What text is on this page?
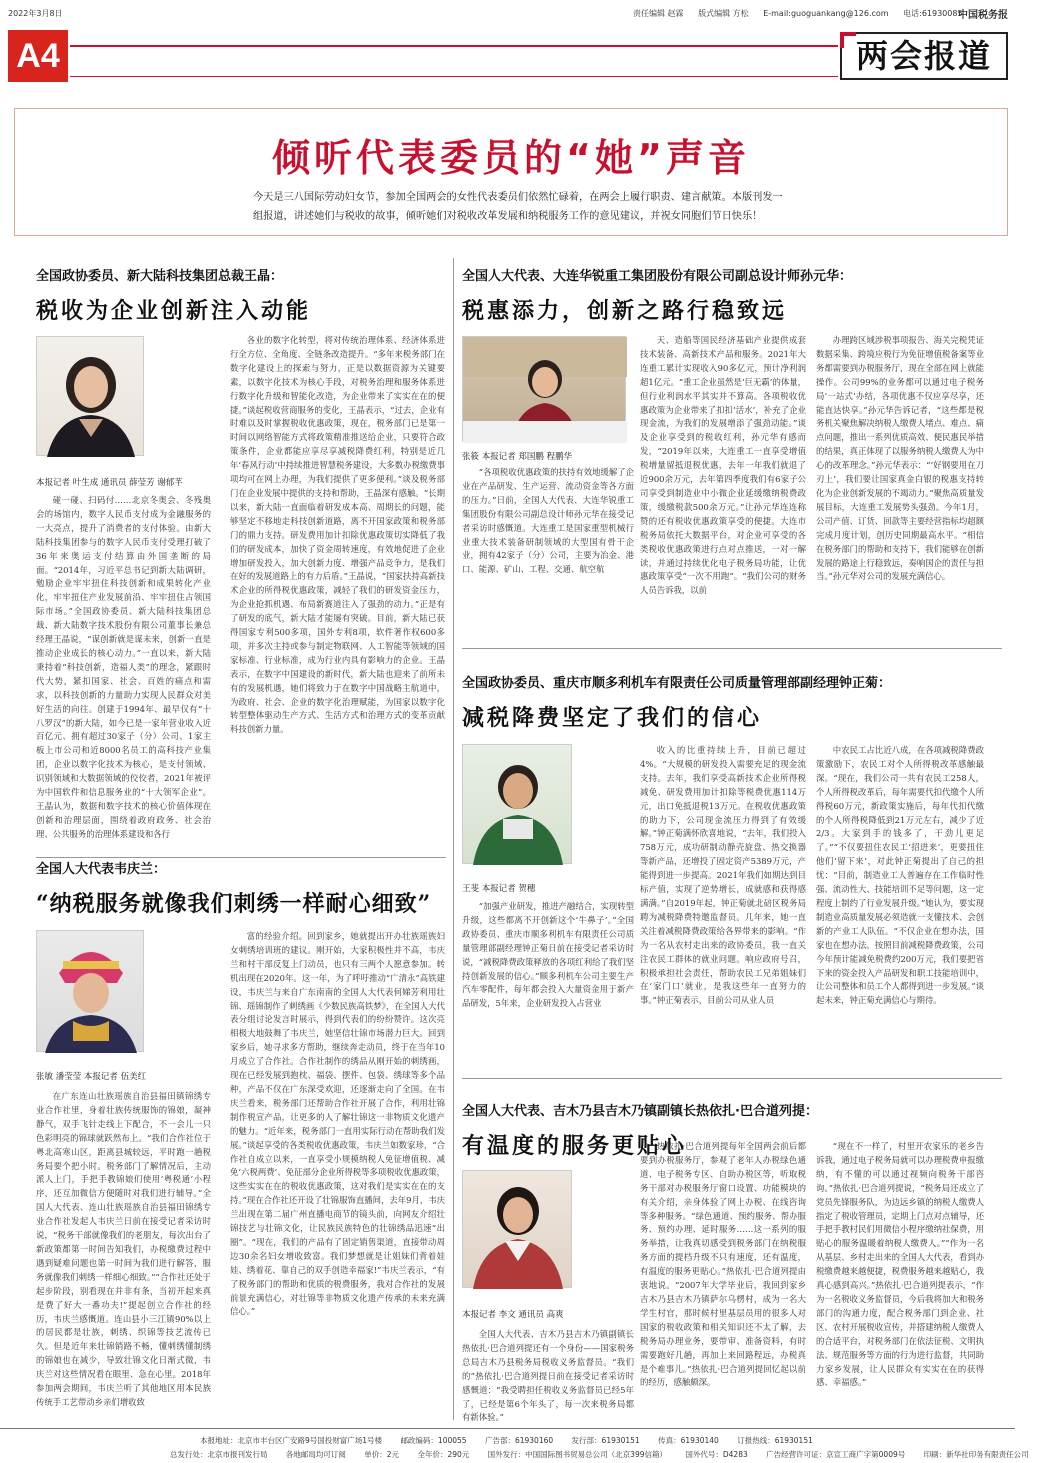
2022年3月8日	责任编辑 赵霖 版式编辑 方松 E-mail:guoguankang@126.com 电话:61930085
中国税务报
A4	两会报道
倾听代表委员的“她”声音
今天是三八国际劳动妇女节，参加全国两会的女性代表委员们依然忙碌着，在两会上履行职责、建言献策。本版刊发一组报道，讲述她们与税收的故事，倾听她们对税收改革发展和纳税服务工作的意见建议，并祝女同胞们节日快乐！
全国政协委员、新大陆科技集团总裁王晶：
税收为企业创新注入动能
本报记者 叶生成 通讯员 薛莹芳 谢郁芊

碰一碰、扫码付……北京冬奥会、冬残奥会的场馆内，数字人民币支付成为金融服务的一大亮点，提升了消费者的支付体验。由新大陆科技集团参与的数字人民币支付受理打破了36年来奥运支付结算由外国垄断的局面。“2014年，习近平总书记到新大陆调研，勉励企业牢牢扭住科技创新和成果转化产业化，牢牢扭住产业发展前沿、牢牢扭住占领国际市场。”全国政协委员、新大陆科技集团总裁、新大陆数字技术股份有限公司董事长兼总经理王晶说，“谋创新就是谋未来，创新一直是推动企业成长的核心动力。”一直以来，新大陆秉持着“科技创新，造福人类”的理念，紧跟时代大势，紧扣国家、社会、百姓的痛点和需求，以科技创新的力量助力实现人民群众对美好生活的向往。创建于1994年、最早仅有“十八罗汉”的新大陆，如今已是一家年营业收入近百亿元、拥有超过30家子（分）公司、1家主板上市公司和近8000名员工的高科技产业集团，企业以数字化技术为核心，是支付领域、识别领域和大数据领域的佼佼者，2021年被评为中国软件和信息服务业的“十大领军企业”。王晶认为，数据和数字技术的核心价值体现在创新和治理层面，围绕着政府政务、社会治理、公共服务的治理体系建设和各行

各业的数字化转型，将对传统治理体系、经济体系进行全方位、全角度、全链条改造提升。“多年来税务部门在数字化建设上的探索与努力，正是以数据资源为关键要素，以数字化技术为核心手段，对税务治理和服务体系进行数字化升级和智能化改造，为企业带来了实实在在的便捷。”谈起税收营商服务的变化，王晶表示，“过去，企业有时难以及时掌握税收优惠政策，现在，税务部门已是第一时间以网络智能方式将政策精准推送给企业，只要符合政策条件，企业都能应享尽享减税降费红利，特别是近几年‘春风行动’中持续推进智慧税务建设，大多数办税缴费事项均可在网上办理，为我们提供了更多便利。”谈及税务部门在企业发展中提供的支持和帮助，王晶深有感触。“长期以来，新大陆一直面临着研发成本高、周期长的问题，能够坚定不移地走科技创新道路，离不开国家政策和税务部门的鼎力支持。研发费用加计扣除优惠政策切实降低了我们的研发成本，加快了资金周转速度，有效地促进了企业增加研发投入，加大创新力度、增强产品竞争力，是我们在好的发展道路上的有力后盾。”王晶说，“国家扶持高新技术企业的所得税优惠政策，减轻了我们的研发资金压力，为企业抢抓机遇、布局新赛道注入了强劲的动力。”正是有了研发的底气，新大陆才能屡有突破。目前，新大陆已获得国家专利500多项，国外专利8项，软件著作权600多项，并多次主持或参与制定物联网、人工智能等领域的国家标准、行业标准，成为行业内具有影响力的企业。王晶表示，在数字中国建设的新时代，新大陆也迎来了前所未有的发展机遇，她们将致力于在数字中国战略主航道中，为政府、社会、企业的数字化治理赋能，为国家以数字化转型整体驱动生产方式、生活方式和治理方式的变革贡献科技创新力量。

全国人大代表韦庆兰：
“纳税服务就像我们刺绣一样耐心细致”
张敏 潘莹莹 本报记者 伍美红

在广东连山壮族瑶族自治县福田镇锦绣专业合作社里，身着壮族传统服饰的锦娘，凝神静气，双手飞针走线上下配合，不一会儿一只色彩明亮的锦球就跃然布上。“我们合作社位于粤北高寒山区，距离县城较远，平时跑一趟税务局要个把小时。税务部门了解情况后，主动派人上门，手把手教锦娘们使用‘粤税通’小程序，还互加微信方便随时对我们进行辅导。”全国人大代表、连山壮族瑶族自治县福田锦绣专业合作社发起人韦庆兰日前在接受记者采访时说，“税务干部就像我们的老朋友，每次出台了新政策都第一时间告知我们，办税缴费过程中遇到疑难问题也第一时间为我们进行解答，服务就像我们刺绣一样细心细致。”“合作社还处于起步阶段，别看现在并非有条，当初开起来真是费了好大一番功夫!”提起创立合作社的经历，韦庆兰感慨道。连山县小三江镇90%以上的居民都是壮族，刺绣、织锦等技艺流传已久。但是近年来壮锦销路不畅，懂刺绣懂制绣的锦娘也在减少，导致壮锦文化日渐式微，韦庆兰对这些情况看在眼里、急在心里。2018年参加两会期间，韦庆兰听了其他地区用本民族传统手工艺带动乡亲们增收致

富的经验介绍。回到家乡，她就提出开办壮族瑶族妇女刺绣培训班的建议。刚开始，大家积极性并不高，韦庆兰和村干部反复上门动员，也只有三两个人愿意参加。转机出现在2020年。这一年，为了呼吁推动“广清永”高铁建设，韦庆兰与来自广东南南的全国人大代表何娣芳利用壮锦、瑶锦制作了刺绣画《少数民族高铁梦》，在全国人大代表分组讨论发言时展示，得到代表们的纷纷赞许。这次亮相极大地鼓舞了韦庆兰，她坚信壮锦市场潜力巨大。回到家乡后，她寻求多方帮助，继续奔走动员，终于在当年10月成立了合作社。合作社制作的绣品从刚开始的刺绣画，现在已经发展到抱枕、福袋、摆件、包袋、绣球等多个品种，产品不仅在广东深受欢迎，还逐渐走向了全国。在韦庆兰看来，税务部门还帮助合作社开展了合作，利用壮锦制作税宣产品，让更多的人了解壮锦这一非物质文化遗产的魅力。“近年来，税务部门一直用实际行动在帮助我们发展。”谈起享受的各类税收优惠政策，韦庆兰如数家珍，“合作社自成立以来，一直享受小规模纳税人免征增值税、减免‘六税两费’、免征部分企业所得税等多项税收优惠政策，这些实实在在的税收优惠政策，这对我们是实实在在的支持。”现在合作社还开设了壮锦服饰直播间，去年9月，韦庆兰出现在第二届广州直播电商节的镜头前，向网友介绍壮锦技艺与壮锦文化，让民族民族特色的壮锦绣品迅速“出圈”。“现在，我们的产品有了固定销售渠道，直接带动周边30余名妇女增收致富。我们梦想就是让姐妹们背着娃娃、绣着花、靠自己的双手创造幸福家!”韦庆兰表示，“有了税务部门的帮助和优质的税费服务，我对合作社的发展前景充满信心，对壮锦等非物质文化遗产传承的未来充满信心。”

全国人大代表、大连华锐重工集团股份有限公司副总设计师孙元华：
税惠添力，创新之路行稳致远
张筱 本报记者 郑国鹏 程鹏华

“各项税收优惠政策的扶持有效地缓解了企业在产品研发、生产运营、流动资金等各方面的压力。”日前，全国人大代表、大连华锐重工集团股份有限公司副总设计师孙元华在接受记者采访时感慨道。大连重工是国家重型机械行业重大技术装备研制领域的大型国有骨干企业，拥有42家子（分）公司，主要为冶金、港口、能源、矿山、工程、交通、航空航

天、造船等国民经济基础产业提供成套技术装备、高新技术产品和服务。2021年大连重工累计实现收入90多亿元，预计净利润超1亿元。“重工企业虽然是‘巨无霸’的体量，但行业利润水平其实并不算高。各项税收优惠政策为企业带来了扣扣‘活水’，补充了企业现金流，为我们的发展增添了强劲动能。”谈及企业享受到的税收红利，孙元华有感而发，“2019年以来，大连重工一直享受增值税增量留抵退税优惠，去年一年我们就退了近900余万元，去年第四季度我们有6家子公司享受到制造业中小微企业延缓缴纳税费政策，缓缴税款500余万元。”让孙元华连连称赞的还有税收优惠政策享受的便捷。大连市税务局依托大数据平台，对企业可享受的各类税收优惠政策进行点对点推送，一对一解读，并通过持续优化电子税务局功能，让优惠政策享受“一次不用跑”。“我们公司的财务人员告诉我，以前

办理跨区域涉税事项报告、海关完税凭证数据采集、跨境应税行为免征增值税备案等业务都需要到办税服务厅，现在全部在网上就能操作。公司99%的业务都可以通过电子税务局‘一站式’办结，各项优惠不仅应享尽享，还能直达快享。”孙元华告诉记者，“这些都是税务机关聚焦解决纳税人缴费人堵点、难点、痛点问题，推出一系列优质高效、便民惠民举措的结果，真正体现了以服务纳税人缴费人为中心的改革理念。”孙元华表示：“‘好钢要用在刀刃上’，我们要让国家真金白银的税惠支持转化为企业创新发展的不竭动力。”聚焦高质量发展目标，大连重工发展势头强劲。今年1月，公司产值、订货、回款等主要经营指标均超额完成月度计划，创历史同期最高水平。“相信在税务部门的帮助和支持下，我们能够在创新发展的路途上行稳致远，奏响国企的责任与担当。”孙元华对公司的发展充满信心。

全国政协委员、重庆市顺多利机车有限责任公司质量管理部副经理钟正菊：
减税降费坚定了我们的信心
王斐 本报记者 贺穗

“加强产业研发，推进产融结合，实现转型升级，这些都离不开创新这个‘牛鼻子’。”全国政协委员、重庆市顺多利机车有限责任公司质量管理部副经理钟正菊日前在接受记者采访时说，“减税降费政策释放的各项红利给了我们坚持创新发展的信心。”顺多利机车公司主要生产汽车零配件，每年都会投入大量资金用于新产品研发，5年来，企业研发投入占营业

收入的比重持续上升，目前已超过4%。“大规模的研发投入需要充足的现金流支持。去年，我们享受高新技术企业所得税减免、研发费用加计扣除等税费优惠114万元，出口免抵退税13万元。在税收优惠政策的助力下，公司现金流压力得到了有效缓解。”钟正菊满怀欣喜地说，“去年，我们投入758万元，成功研制动静壳旋盘、热交换器等新产品，还增投了固定资产5389万元，产能得到进一步提高。2021年我们如期达到目标产值，实现了逆势增长，成就感和获得感满满。”自2019年起，钟正菊就北碚区税务局聘为减税降费特邀监督员。几年来，她一直关注着减税降费政策给各界带来的影响。“作为一名从农村走出来的政协委员，我一直关注农民工群体的就业问题。响应政府号召，积极承担社会责任，帮助农民工兄弟姐妹们在‘家门口’就业，是我这些年一直努力的事。”钟正菊表示，目前公司从业人员

中农民工占比近八成，在各项减税降费政策激励下，农民工对个人所得税改革感触最深。“现在，我们公司一共有农民工258人，个人所得税改革后，每年需要代扣代缴个人所得税60万元，新政策实施后，每年代扣代缴的个人所得税降低到21万元左右，减少了近2/3。大家到手的钱多了，干劲儿更足了。”“不仅要扭住农民工‘招进来’，更要扭住他们‘留下来’，对此钟正菊提出了自己的担忧：“目前，制造业工人普遍存在工作临时性强、流动性大、技能培训不足等问题，这一定程度上制约了行业发展升级。”她认为，要实现制造业高质量发展必须造就一支懂技术、会创新的产业工人队伍。“不仅企业在想办法，国家也在想办法。按照目前减税降费政策，公司今年预计能减免税费约200万元，我们要把省下来的资金投入产品研发和职工技能培训中，让公司整体和员工个人都得到进一步发展。”谈起未来，钟正菊充满信心与期待。

全国人大代表、吉木乃县吉木乃镇副镇长热依扎·巴合道列提：
有温度的服务更贴心
本报记者 李文 通讯员 高爽

全国人大代表、吉木乃县吉木乃镇副镇长热依扎·巴合道列提还有一个身份——国家税务总局吉木乃县税务局税收义务监督员。“我们的”热依扎·巴合道列提日前在接受记者采访时感慨道：“我受聘担任税收义务监督员已经5年了，已经是第6个年头了，每一次来税务局都有新体验。”

热依扎·巴合道列提每年全国两会前后都要到办税服务厅，参观了老年人办税绿色通道、电子税务专区、自助办税区等，听取税务干部对办税服务厅窗口设置、功能模块的有关介绍，亲身体验了网上办税、在线咨询等多种服务。“绿色通道、预约服务、帮办服务、预约办理、延时服务……这一系列的服务举措，让我真切感受到税务部门在纳税服务方面的提档升级不只有速度，还有温度，有温度的服务更贴心。”热依扎·巴合道列提由衷地说。“2007年大学毕业后，我回到家乡吉木乃县吉木乃镇萨尔乌楞村，成为一名大学生村官，那时候村里基层员用的很多人对国家的税收政策和相关知识还不太了解，去税务局办理业务，要带审、准备资料，有时需要跑好几趟，再加上来回路程远，办税真是个难事儿。”热依扎·巴合道列提回忆起以前的经历，感触颇深。

“现在不一样了，村里开农家乐的老乡告诉我，通过电子税务局就可以办理税费申报缴纳，有不懂的可以通过视频向税务干部咨询。”热依扎·巴合道列提说，“税务局还成立了党员先锋服务队，为边远乡镇的纳税人缴费人指定了税收管理员，定期上门点对点辅导，还手把手教村民们用微信小程序缴纳社保费，用贴心的服务温暖着纳税人缴费人。”“作为一名从基层、乡村走出来的全国人大代表，看到办税缴费越来越便捷，税费服务越来越贴心，我真心感到高兴。”热依扎·巴合道列提表示，“作为一名税收义务监督员，今后我将加大和税务部门的沟通力度，配合税务部门到企业、社区、农村开展税收宣传，并搭建纳税人缴费人的合适平台，对税务部门在依法征税、文明执法、规范服务等方面的行为进行监督，共同助力家乡发展，让人民群众有实实在在的获得感、幸福感。”

本报地址：北京市丰台区广安路9号国投财富广场1号楼 邮政编码：100055 广告部：61930160 发行部：61930151 传真：61930140 订报热线：61930151
总发行处：北京市报刊发行局 各地邮局均可订阅 单价：2元 全年价：290元 国外发行：中国国际图书贸易总公司（北京399信箱） 国外代号：D4283 广告经营许可证：京宣工商广字第0009号 印刷：新华社印务有限责任公司
